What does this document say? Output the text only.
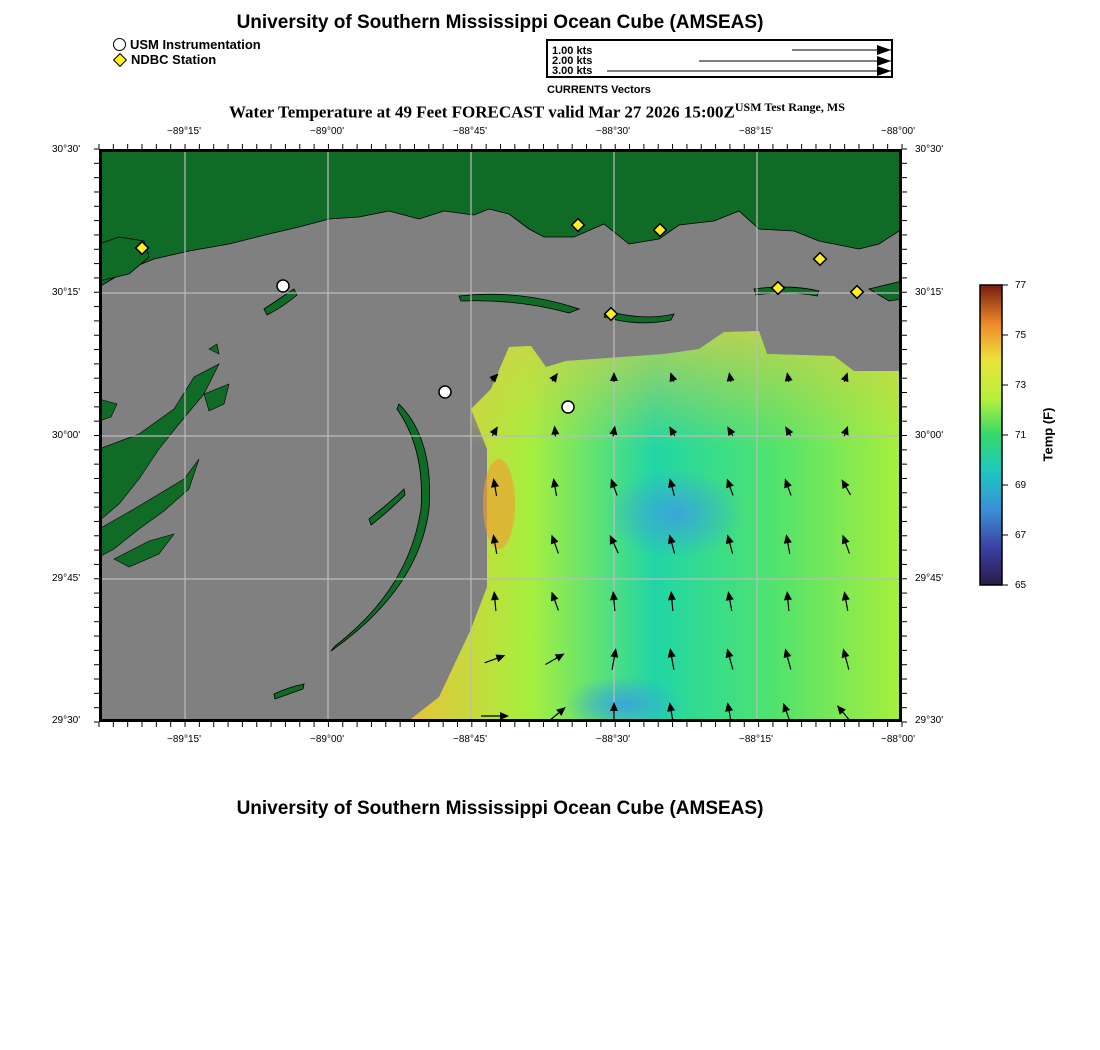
University of Southern Mississippi Ocean Cube (AMSEAS)
USM Instrumentation
NDBC Station
1.00 kts
2.00 kts
3.00 kts
CURRENTS Vectors
Water Temperature at 49 Feet FORECAST valid Mar 27 2026 $15:00Z^{USM Test Range, MS}$
−89°15'	−89°00'	−88°45'	−88°30'	−88°15'	−88°00'
−89°15'	−89°00'	−88°45'	−88°30'	−88°15'	−88°00'
30°30'
30°15'
30°00'
29°45'
29°30'
30°30'
30°15'
30°00'
29°45'
29°30'
77
75
73
71
69
67
65
Temp (F)
University of Southern Mississippi Ocean Cube (AMSEAS)
